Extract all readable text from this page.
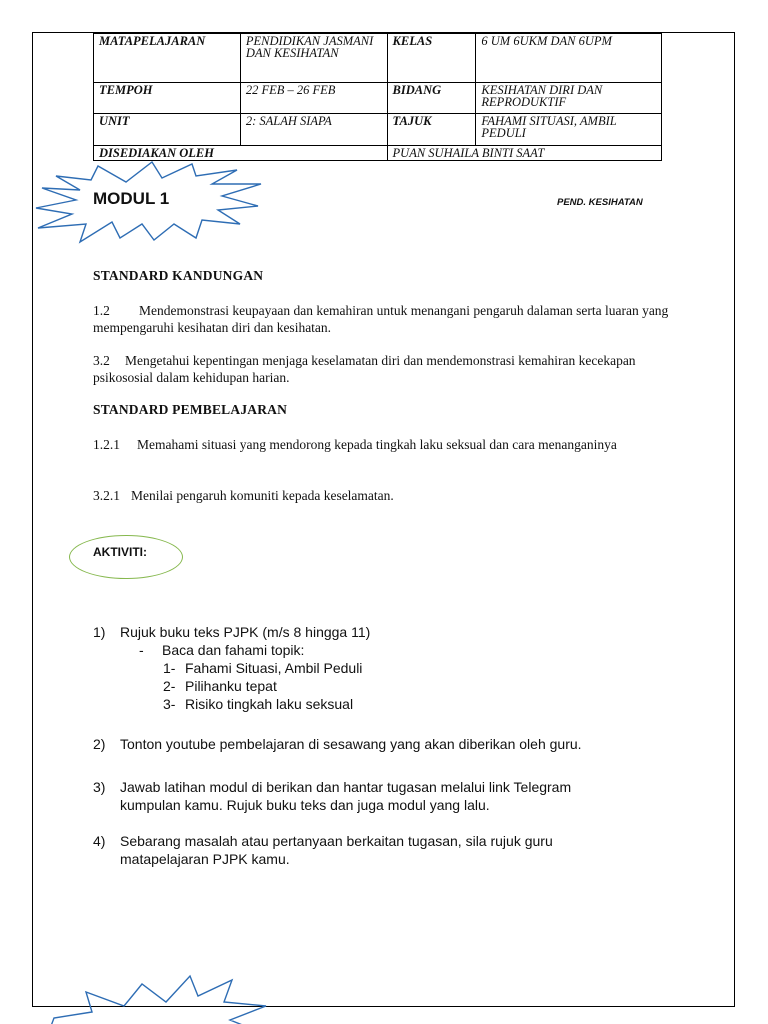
MATAPELAJARAN	PENDIDIKAN JASMANI DAN KESIHATAN	KELAS	6 UM 6UKM DAN 6UPM
TEMPOH	22 FEB – 26 FEB	BIDANG	KESIHATAN DIRI DAN REPRODUKTIF
UNIT	2: SALAH SIAPA	TAJUK	FAHAMI SITUASI, AMBIL PEDULI
DISEDIAKAN OLEH		PUAN SUHAILA BINTI SAAT	
MODUL 1	PEND. KESIHATAN
STANDARD KANDUNGAN
1.2 Mendemonstrasi keupayaan dan kemahiran untuk menangani pengaruh dalaman serta luaran yang mempengaruhi kesihatan diri dan kesihatan.
3.2 Mengetahui kepentingan menjaga keselamatan diri dan mendemonstrasi kemahiran kecekapan psikososial dalam kehidupan harian.
STANDARD PEMBELAJARAN
1.2.1 Memahami situasi yang mendorong kepada tingkah laku seksual dan cara menanganinya
3.2.1 Menilai pengaruh komuniti kepada keselamatan.
AKTIVITI:
1) Rujuk buku teks PJPK (m/s 8 hingga 11)
- Baca dan fahami topik:
1- Fahami Situasi, Ambil Peduli
2- Pilihanku tepat
3- Risiko tingkah laku seksual
2) Tonton youtube pembelajaran di sesawang yang akan diberikan oleh guru.
3) Jawab latihan modul di berikan dan hantar tugasan melalui link Telegram
kumpulan kamu. Rujuk buku teks dan juga modul yang lalu.
4) Sebarang masalah atau pertanyaan berkaitan tugasan, sila rujuk guru
matapelajaran PJPK kamu.
